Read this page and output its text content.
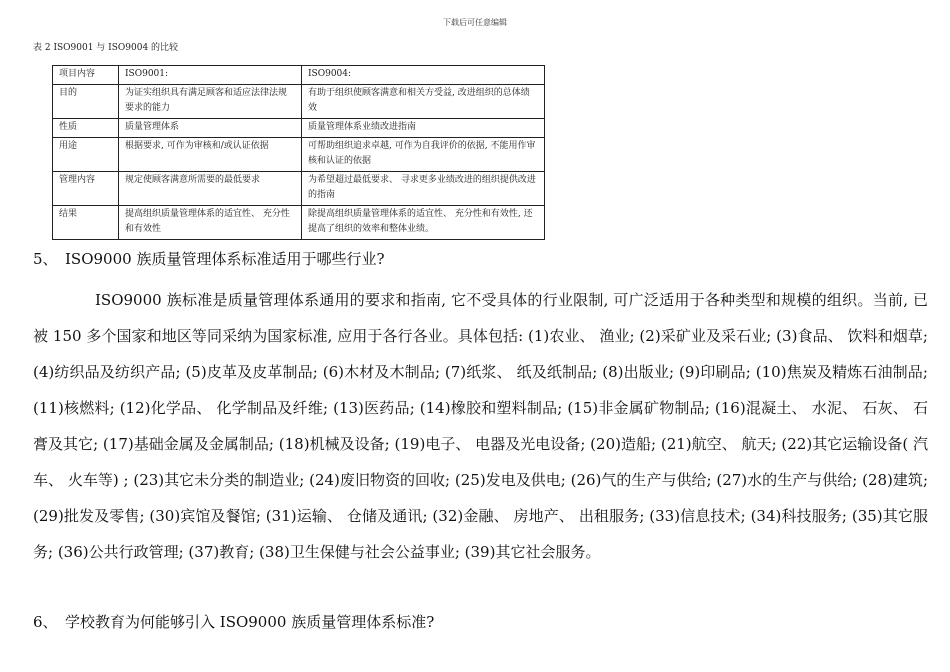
下载后可任意编辑
表 2 ISO9001 与 ISO9004 的比较
项目内容	ISO9001:	ISO9004:
目的	为证实组织具有满足顾客和适应法律法规要求的能力	有助于组织使顾客满意和相关方受益, 改进组织的总体绩效
性质	质量管理体系	质量管理体系业绩改进指南
用途	根据要求, 可作为审核和/或认证依据	可帮助组织追求卓越, 可作为自我评价的依据, 不能用作审核和认证的依据
管理内容	规定使顾客满意所需要的最低要求	为希望超过最低要求、 寻求更多业绩改进的组织提供改进的指南
结果	提高组织质量管理体系的适宜性、 充分性和有效性	除提高组织质量管理体系的适宜性、 充分性和有效性, 还提高了组织的效率和整体业绩。
5、 ISO9000 族质量管理体系标准适用于哪些行业?
ISO9000 族标准是质量管理体系通用的要求和指南, 它不受具体的行业限制, 可广泛适用于各种类型和规模的组织。当前, 已被 150 多个国家和地区等同采纳为国家标准, 应用于各行各业。具体包括: (1)农业、 渔业; (2)采矿业及采石业; (3)食品、 饮料和烟草; (4)纺织品及纺织产品; (5)皮革及皮革制品; (6)木材及木制品; (7)纸浆、 纸及纸制品; (8)出版业; (9)印刷品; (10)焦炭及精炼石油制品; (11)核燃料; (12)化学品、 化学制品及纤维; (13)医药品; (14)橡胶和塑料制品; (15)非金属矿物制品; (16)混凝土、 水泥、 石灰、 石膏及其它; (17)基础金属及金属制品; (18)机械及设备; (19)电子、 电器及光电设备; (20)造船; (21)航空、 航天; (22)其它运输设备( 汽车、 火车等) ; (23)其它未分类的制造业; (24)废旧物资的回收; (25)发电及供电; (26)气的生产与供给; (27)水的生产与供给; (28)建筑; (29)批发及零售; (30)宾馆及餐馆; (31)运输、 仓储及通讯; (32)金融、 房地产、 出租服务; (33)信息技术; (34)科技服务; (35)其它服务; (36)公共行政管理; (37)教育; (38)卫生保健与社会公益事业; (39)其它社会服务。
6、 学校教育为何能够引入 ISO9000 族质量管理体系标准?
